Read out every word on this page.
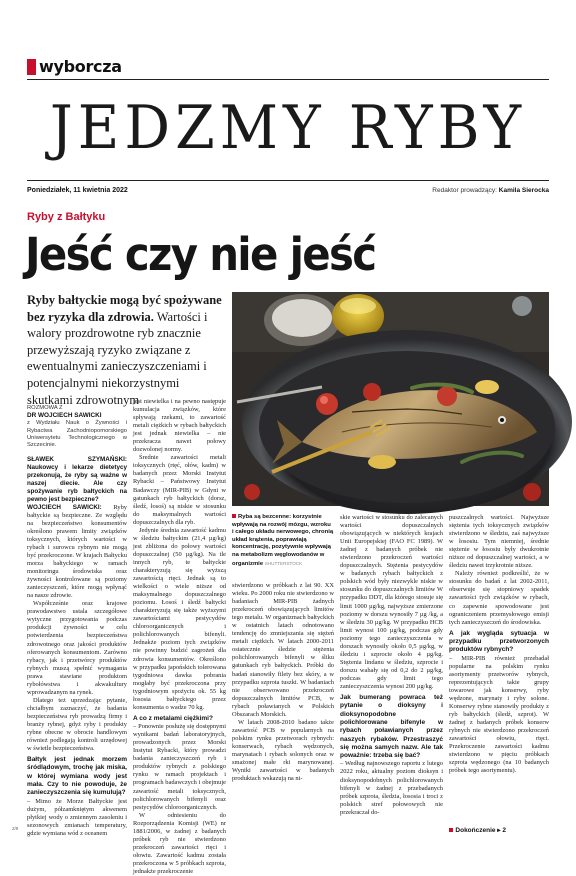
wyborcza
JEDZMY RYBY
Poniedziałek, 11 kwietnia 2022	Redaktor prowadzący: Kamila Sierocka
Ryby z Bałtyku
Jeść czy nie jeść
Ryby bałtyckie mogą być spożywane bez ryzyka dla zdrowia. Wartości i walory prozdrowotne ryb znacznie przewyższają ryzyko związane z ewentualnymi zanieczyszczeniami i potencjalnymi niekorzystnymi skutkami zdrowotnym
ROZMOWA Z
DR WOJCIECH SAWICKI
z Wydziału Nauk o Żywności i Rybactwa Zachodniopomorskiego Uniwersytetu Technologicznego w Szczecinie.

SŁAWEK SZYMAŃSKI: Naukowcy i lekarze dietetycy przekonują, że ryby są ważne w naszej diecie. Ale czy spożywanie ryb bałtyckich na pewno jest bezpieczne?

WOJCIECH SAWICKI: Ryby bałtyckie są bezpieczne. Ze względu na bezpieczeństwo konsumentów określono prawem limity związków toksycznych, których wartości w rybach i surowcu rybnym nie mogą być przekroczone. W krajach Bałtycku morza bałtyckiego w ramach monitoringu środowiska oraz żywności kontrolowane są poziomy zanieczyszczeń, które mogą wpłynąć na nasze zdrowie.

Współcześnie oraz krajowe prawodawstwo ustala szczegółowe wytyczne przygotowania podczas produkcji żywności w celu potwierdzenia bezpieczeństwa zdrowotnego oraz jakości produktów oferowanych konsumentom. Zarówno rybacy, jak i przetwórcy produktów rybnych muszą spełnić wymagania prawa stawiane produktom rybołówstwa i akwakultury wprowadzanym na rynek.

Dlatego też uprzedzając pytanie, chciałbym zaznaczyć, że badania bezpieczeństwa ryb prowadzą firmy i branży rybnej, gdyż ryby i produkty rybne obecne w obrocie handlowym również podlegają kontroli urzędowej w świetle bezpieczeństwa.

Bałtyk jest jednak morzem śródlądowym, trochę jak miska, w której wymiana wody jest mała. Czy to nie powoduje, że zanieczyszczenia się kumulują?

– Mimo że Morze Bałtyckie jest dużym, półzamkniętym akwenem płytkiej wody o zmiennym zasoleniu i sezonowych zmianach temperatury, gdzie wymiana wód z oceanem

jest niewielka i na pewno następuje kumulacja związków, które spływają rzekami, to zawartość metali ciężkich w rybach bałtyckich jest jednak niewielka – nie przekracza nawet połowy dozwolonej normy.

Średnie zawartości metali toksycznych (rtęć, ołów, kadm) w badanych przez Morski Instytut Rybacki – Państwowy Instytut Badawczy (MIR-PIB) w Gdyni w gatunkach ryb bałtyckich (dorsz, śledź, łosoś) są niskie w stosunku do maksymalnych wartości dopuszczalnych dla ryb.

Jedynie średnia zawartość kadmu w śledziu bałtyckim (21,4 µg/kg) jest zbliżona do połowy wartości dopuszczalnej (50 µg/kg). Na tle innych ryb, te bałtyckie charakteryzują się wyższą zawartością rtęci. Jednak są to wielkości o wiele niższe od maksymalnego dopuszczalnego poziomu. Łosoś i śledź bałtycki charakteryzują się także wyższymi zawartościami pestycydów chloroorganicznych i polichlorowanych bifenyli. Jednakże poziom tych związków nie powinny budzić zagrożeń dla zdrowia konsumentów. Określono w przypadku japońskich tolerowana tygodniowa dawka pobrania mogłaby być przekroczona przy tygodniowym spożyciu ok. 55 kg łososia bałtyckiego przez konsumenta o wadze 70 kg.

A co z metalami ciężkimi?

– Ponownie posłużę się dostępnymi wynikami badań laboratoryjnych, prowadzonych przez Morski Instytut Rybacki, który prowadzi badania zanieczyszczeń ryb i produktów rybnych z polskiego rynku w ramach projektach i programach badawczych i obejmuje zawartość metali toksycznych, polichlorowanych bifenyli oraz pestycydów chloroorganicznych.

W odniesieniu do Rozporządzenia Komisji (WE) nr 1881/2006, w żadnej z badanych próbek ryb nie stwierdzono przekroczeń zawartości rtęci i ołowiu. Zawartość kadmu została przekroczona w 5 próbkach szprota, jednakże przekroczenie

Ryba są bezcenne: korzystnie wpływają na rozwój mózgu, wzroku i całego układu nerwowego, chronią układ krążenia, poprawiają koncentrację, pozytywnie wpływają na metabolizm węglowodanów w organizmie SHUTTERSTOCK

stwierdzono w próbkach z lat 90. XX wieku. Po 2000 roku nie stwierdzono w badaniach MIR-PIB żadnych przekroczeń obowiązujących limitów tego metalu. W organizmach bałtyckich w ostatnich latach odnotowano tendencję do zmniejszania się stężeń metali ciężkich. W latach 2000-2011 ostatecznie śledzie stężenia polichlorowanych bifenyli w śliku gatunkach ryb bałtyckich. Próbki do badań stanowiły filety bez skóry, a w przypadku szprota tuszki. W badaniach nie obserwowano przekroczeń dopuszczalnych limitów PCB, w rybach poławianych w Polskich Obszarach Morskich.

W latach 2008-2010 badano także zawartość PCB w popularnych na polskim rynku przetworach rybnych: konserwach, rybach wędzonych, marynatach i rybach solonych oraz w smażonej małe rki marynowanej. Wyniki zawartości w badanych produktach wskazują na ni-

skie wartości w stosunku do zalecanych wartości dopuszczalnych obowiązujących w niektórych krajach Unii Europejskiej (FAO FC 1989). W żadnej z badanych próbek nie stwierdzono przekroczeń wartości dopuszczalnych. Stężenia pestycydów w badanych rybach bałtyckich z polskich wód były niezwykle niskie w stosunku do dopuszczalnych limitów W przypadku DDT, dla którego stosuje się limit 1000 µg/kg, najwyższe zmierzone poziomy w dorszu wynosiły 7 µg /kg, a w śledziu 30 µg/kg. W przypadku HCB limit wynosi 100 µg/kg, podczas gdy poziomy tego zanieczyszczenia w dorszach wynosiły około 0,5 µg/kg, w śledziu i szprocie około 4 µg/kg. Stężenia lindanu w śledziu, szprocie i dorszu wahały się od 0,2 do 2 µg/kg, podczas gdy limit tego zanieczyszczenia wynosi 200 µg/kg.

Jak bumerang powraca też pytanie o dioksyny i dioksynopodobne polichlorowane bifenyle w rybach poławianych przez naszych rybaków. Przestraszyć się można samych nazw. Ale tak poważnie: trzeba się bać?

– Według najnowszego raportu z lutego 2022 roku, aktualny poziom dioksyn i dioksynopodobnych polichlorowanych bifenyli w żadnej z przebadanych próbek szprota, śledzia, łososia i troci z polskich stref połowowych nie przekraczał do-

puszczalnych wartości. Najwyższe stężenia tych toksycznych związków stwierdzono w śledziu, zaś najwyższe w łososiu. Tym niemniej, średnie stężenie w łososiu były dwukrotnie niższe od dopuszczalnej wartości, a w śledziu nawet trzykrotnie niższe.

Należy również podkreślić, że w stosunku do badań z lat 2002-2011, obserwuje się stopniowy spadek zawartości tych związków w rybach, co zapewnie spowodowane jest ograniczeniem przemysłowego emisji tych zanieczyszczeń do środowiska.

A jak wygląda sytuacja w przypadku przetworzonych produktów rybnych?

– MIR-PIB również przebadał popularne na polskim rynku asortymenty przetworów rybnych, reprezentujących takie grupy towarowe jak konserwy, ryby wędzone, marynaty i ryby solone. Konserwy rybne stanowiły produkty z ryb bałtyckich (śledź, szprot). W żadnej z badanych próbek konserw rybnych nie stwierdzono przekroczeń zawartości ołowiu, rtęci. Przekroczenie zawartości kadmu stwierdzono w pięciu próbkach szprota wędzonego (na 10 badanych próbek tego asortymentu).

Dokończenie ▸ 2
2/9
